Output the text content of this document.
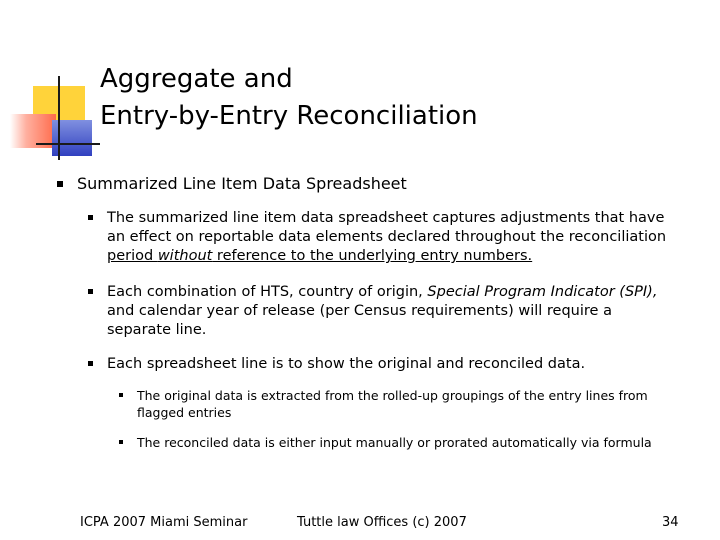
Aggregate and
Entry-by-Entry Reconciliation
Summarized Line Item Data Spreadsheet
The summarized line item data spreadsheet captures adjustments that have
an effect on reportable data elements declared throughout the reconciliation
period without reference to the underlying entry numbers.
Each combination of HTS, country of origin, Special Program Indicator (SPI),
and calendar year of release (per Census requirements) will require a
separate line.
Each spreadsheet line is to show the original and reconciled data.
The original data is extracted from the rolled-up groupings of the entry lines from
flagged entries
The reconciled data is either input manually or prorated automatically via formula
ICPA 2007 Miami Seminar	Tuttle law Offices (c) 2007	34
